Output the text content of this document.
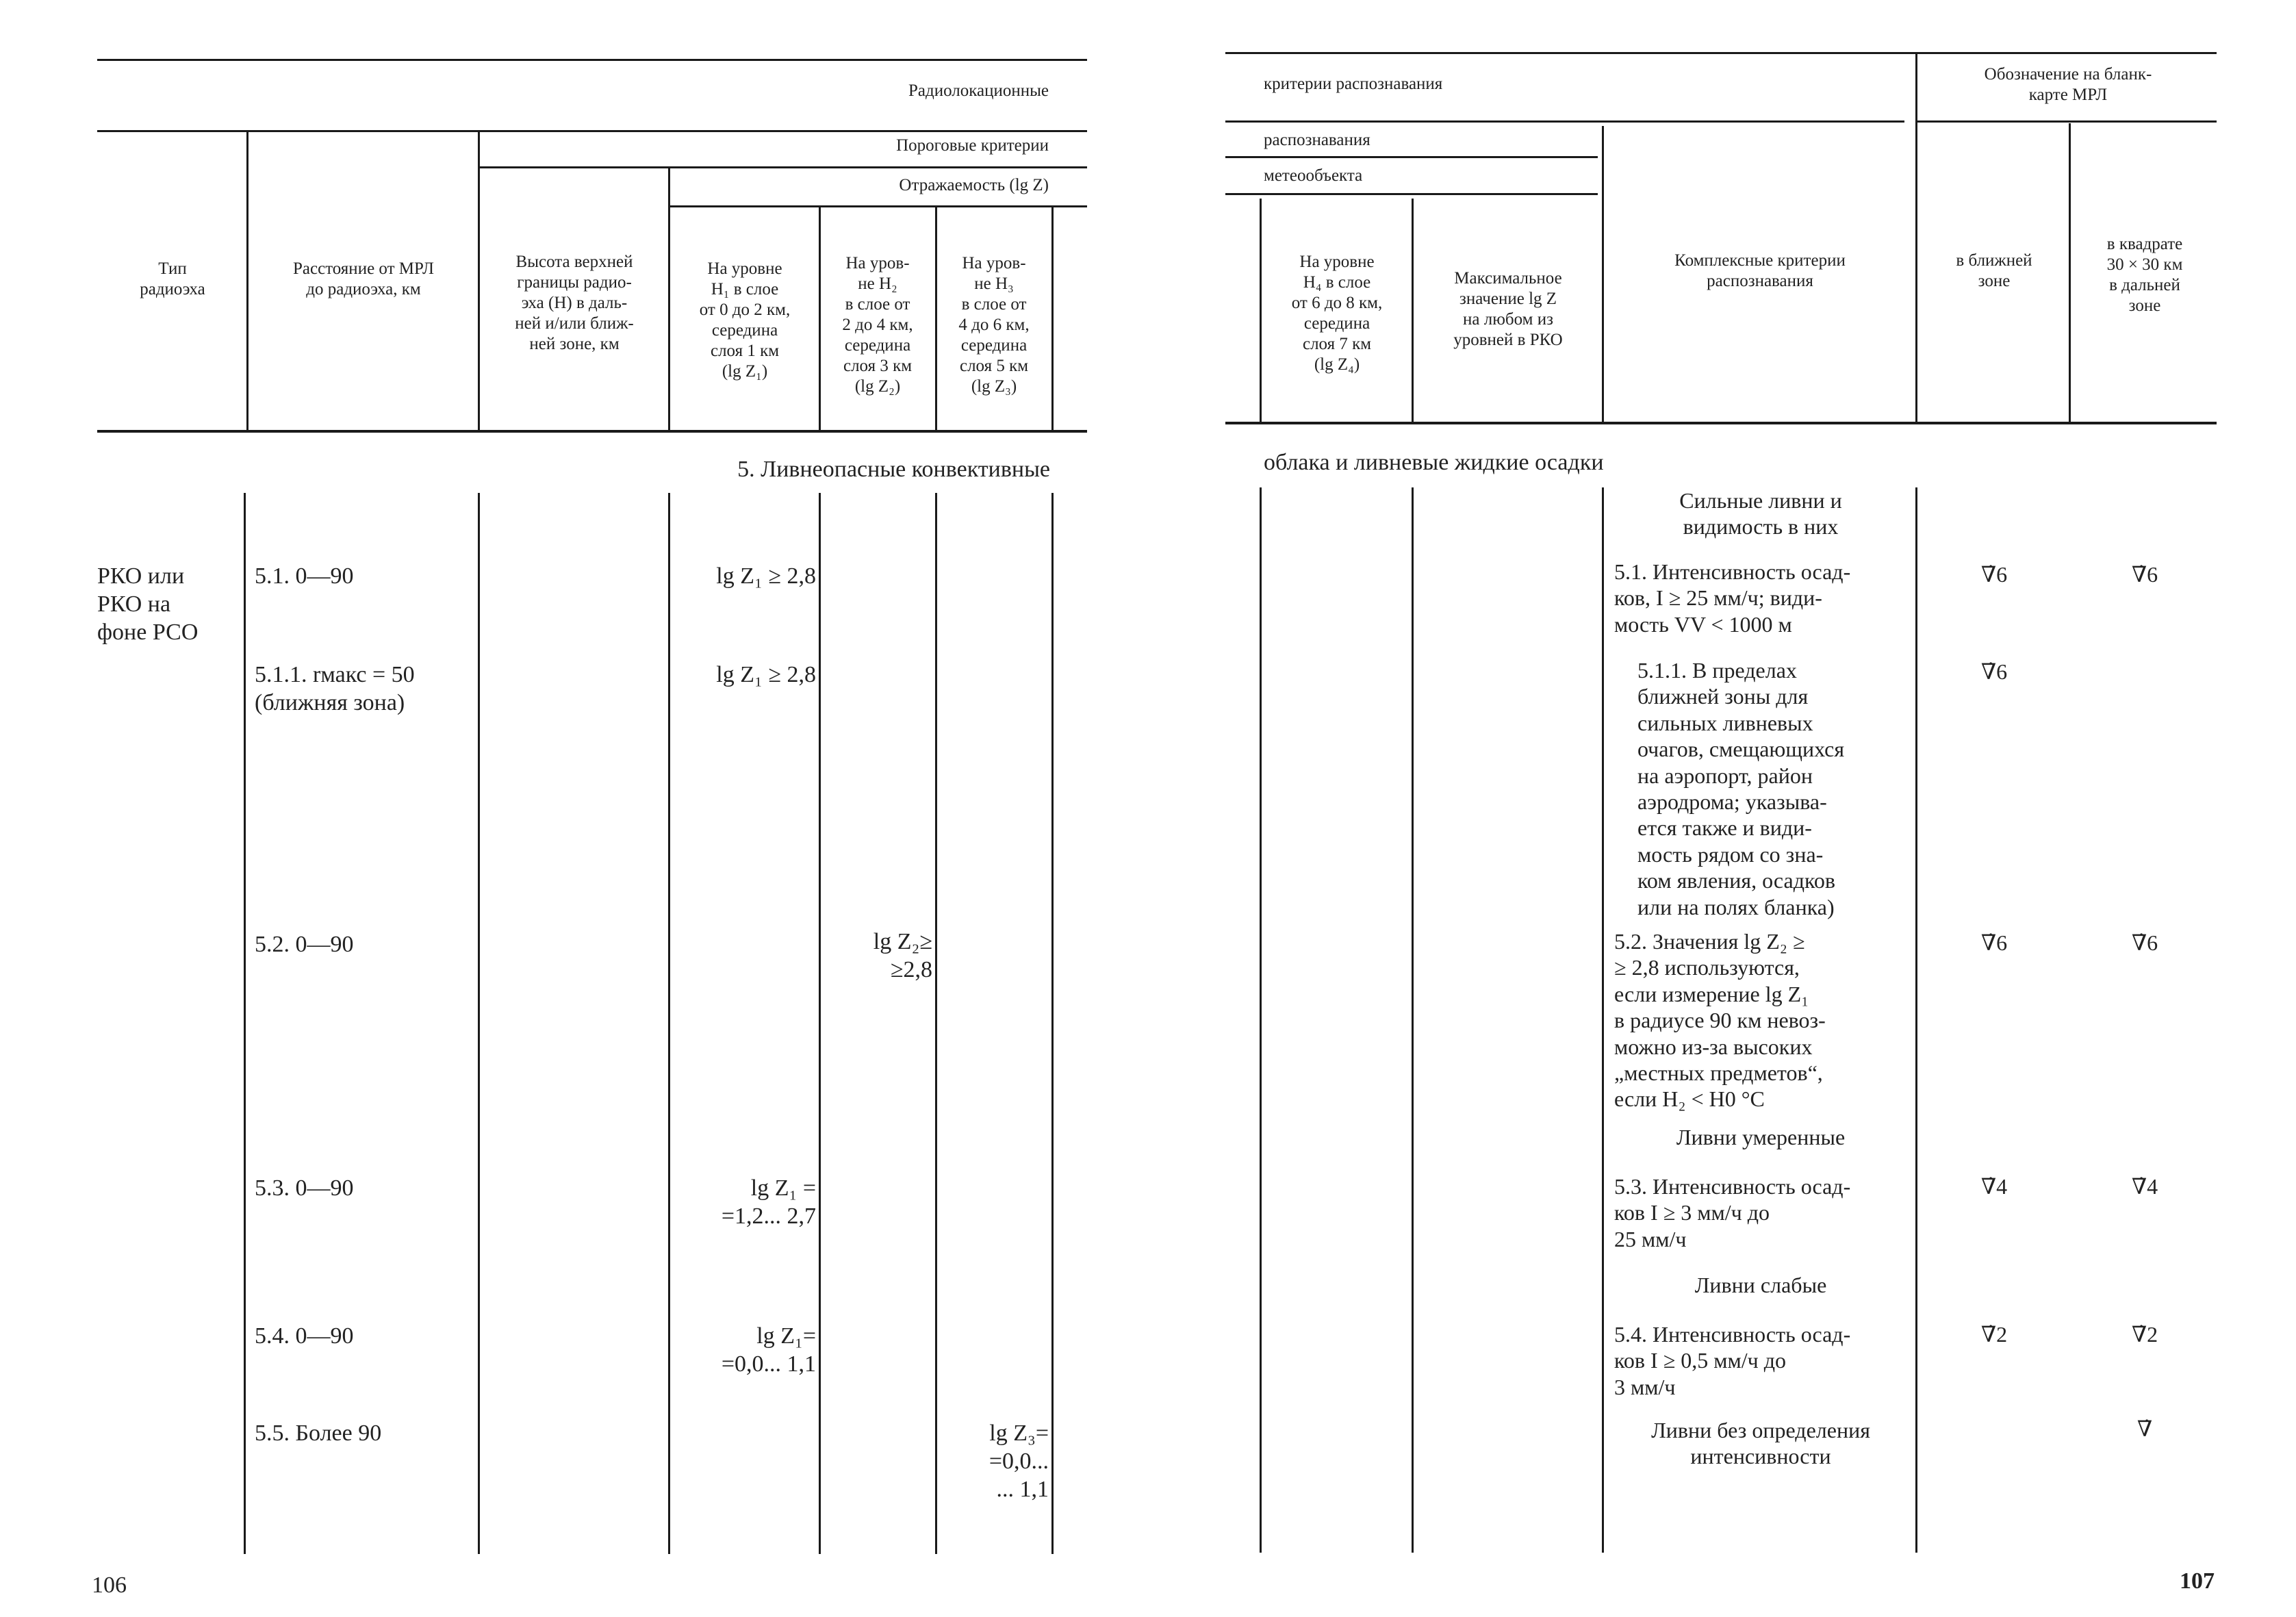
Радиолокационные
Пороговые критерии
Отражаемость (lg Z)
Тип
радиоэха
Расстояние от МРЛ
до радиоэха, км
Высота верхней
границы радио-
эха (H) в даль-
ней и/или ближ-
ней зоне, км
На уровне
H₁ в слое
от 0 до 2 км,
середина
слоя 1 км
(lg Z₁)
На уров-
не H₂
в слое от
2 до 4 км,
середина
слоя 3 км
(lg Z₂)
На уров-
не H₃
в слое от
4 до 6 км,
середина
слоя 5 км
(lg Z₃)
5. Ливнеопасные конвективные
РКО или
РКО на
фоне РСО
5.1. 0—90
5.1.1. rмакс = 50
(ближняя зона)
5.2. 0—90
5.3. 0—90
5.4. 0—90
5.5. Более 90
lg Z₁ ≥ 2,8
lg Z₁ ≥ 2,8
lg Z₂≥
≥2,8
lg Z₁ =
=1,2... 2,7
lg Z₁=
=0,0... 1,1
lg Z₃=
=0,0...
... 1,1
106
критерии распознавания
распознавания
метеообъекта
На уровне
H₄ в слое
от 6 до 8 км,
середина
слоя 7 км
(lg Z₄)
Максимальное
значение lg Z
на любом из
уровней в РКО
Комплексные критерии
распознавания
Обозначение на бланк-
карте МРЛ
в ближней
зоне
в квадрате
30 × 30 км
в дальней
зоне
облака и ливневые жидкие осадки
Сильные ливни и
видимость в них
5.1. Интенсивность осад-
ков, I ≥ 25 мм/ч; види-
мость VV < 1000 м
5.1.1. В пределах
ближней зоны для
сильных ливневых
очагов, смещающихся
на аэропорт, район
аэродрома; указыва-
ется также и види-
мость рядом со зна-
ком явления, осадков
или на полях бланка)
5.2. Значения lg Z₂ ≥
≥ 2,8 используются,
если измерение lg Z₁
в радиусе 90 км невоз-
можно из-за высоких
„местных предметов“,
если H₂ < H0 °C
Ливни умеренные
5.3. Интенсивность осад-
ков I ≥ 3 мм/ч до
25 мм/ч
Ливни слабые
5.4. Интенсивность осад-
ков I ≥ 0,5 мм/ч до
3 мм/ч
Ливни без определения
интенсивности
∇̇6
∇̇6
∇̇6
∇̇4
∇̇2
∇̇6
∇̇6
∇̇4
∇̇2
∇̇
107
